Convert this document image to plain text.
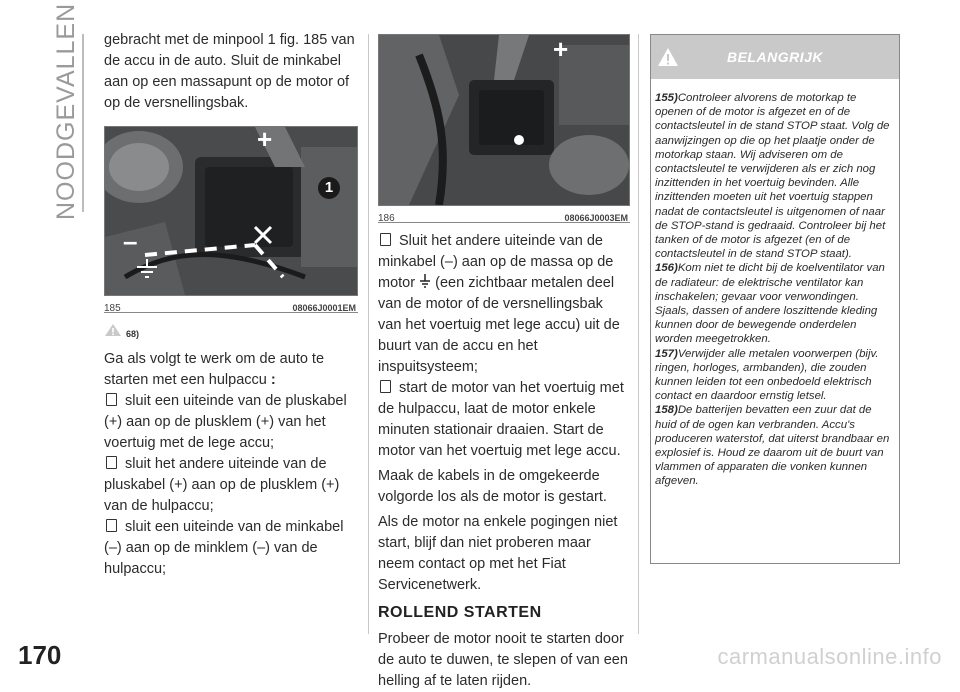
NOODGEVALLEN gebracht met de minpool 1 fig. 185 van de accu in de auto. Sluit de minkabel aan op een massapunt op de motor of op de versnellingsbak.

1
+
–
185	08066J0001EM
68)

Ga als volgt te werk om de auto te starten met een hulpaccu :

sluit een uiteinde van de pluskabel (+) aan op de plusklem (+) van het voertuig met de lege accu;

sluit het andere uiteinde van de pluskabel (+) aan op de plusklem (+) van de hulpaccu;

sluit een uiteinde van de minkabel (–) aan op de minklem (–) van de hulpaccu;

+
186	08066J0003EM

Sluit het andere uiteinde van de minkabel (–) aan op de massa op de motor (een zichtbaar metalen deel van de motor of de versnellingsbak van het voertuig met lege accu) uit de buurt van de accu en het inspuitsysteem;

start de motor van het voertuig met de hulpaccu, laat de motor enkele minuten stationair draaien. Start de motor van het voertuig met lege accu.

Maak de kabels in de omgekeerde volgorde los als de motor is gestart.

Als de motor na enkele pogingen niet start, blijf dan niet proberen maar neem contact op met het Fiat Servicenetwerk.

ROLLEND STARTEN

Probeer de motor nooit te starten door de auto te duwen, te slepen of van een helling af te laten rijden.

BELANGRIJK

155)Controleer alvorens de motorkap te openen of de motor is afgezet en of de contactsleutel in de stand STOP staat. Volg de aanwijzingen op die op het plaatje onder de motorkap staan. Wij adviseren om de contactsleutel te verwijderen als er zich nog inzittenden in het voertuig bevinden. Alle inzittenden moeten uit het voertuig stappen nadat de contactsleutel is uitgenomen of naar de STOP-stand is gedraaid. Controleer bij het tanken of de motor is afgezet (en of de contactsleutel in de stand STOP staat).

156)Kom niet te dicht bij de koelventilator van de radiateur: de elektrische ventilator kan inschakelen; gevaar voor verwondingen. Sjaals, dassen of andere loszittende kleding kunnen door de bewegende onderdelen worden meegetrokken.

157)Verwijder alle metalen voorwerpen (bijv. ringen, horloges, armbanden), die zouden kunnen leiden tot een onbedoeld elektrisch contact en daardoor ernstig letsel.

158)De batterijen bevatten een zuur dat de huid of de ogen kan verbranden. Accu's produceren waterstof, dat uiterst brandbaar en explosief is. Houd ze daarom uit de buurt van vlammen of apparaten die vonken kunnen afgeven.

170	carmanualsonline.info
